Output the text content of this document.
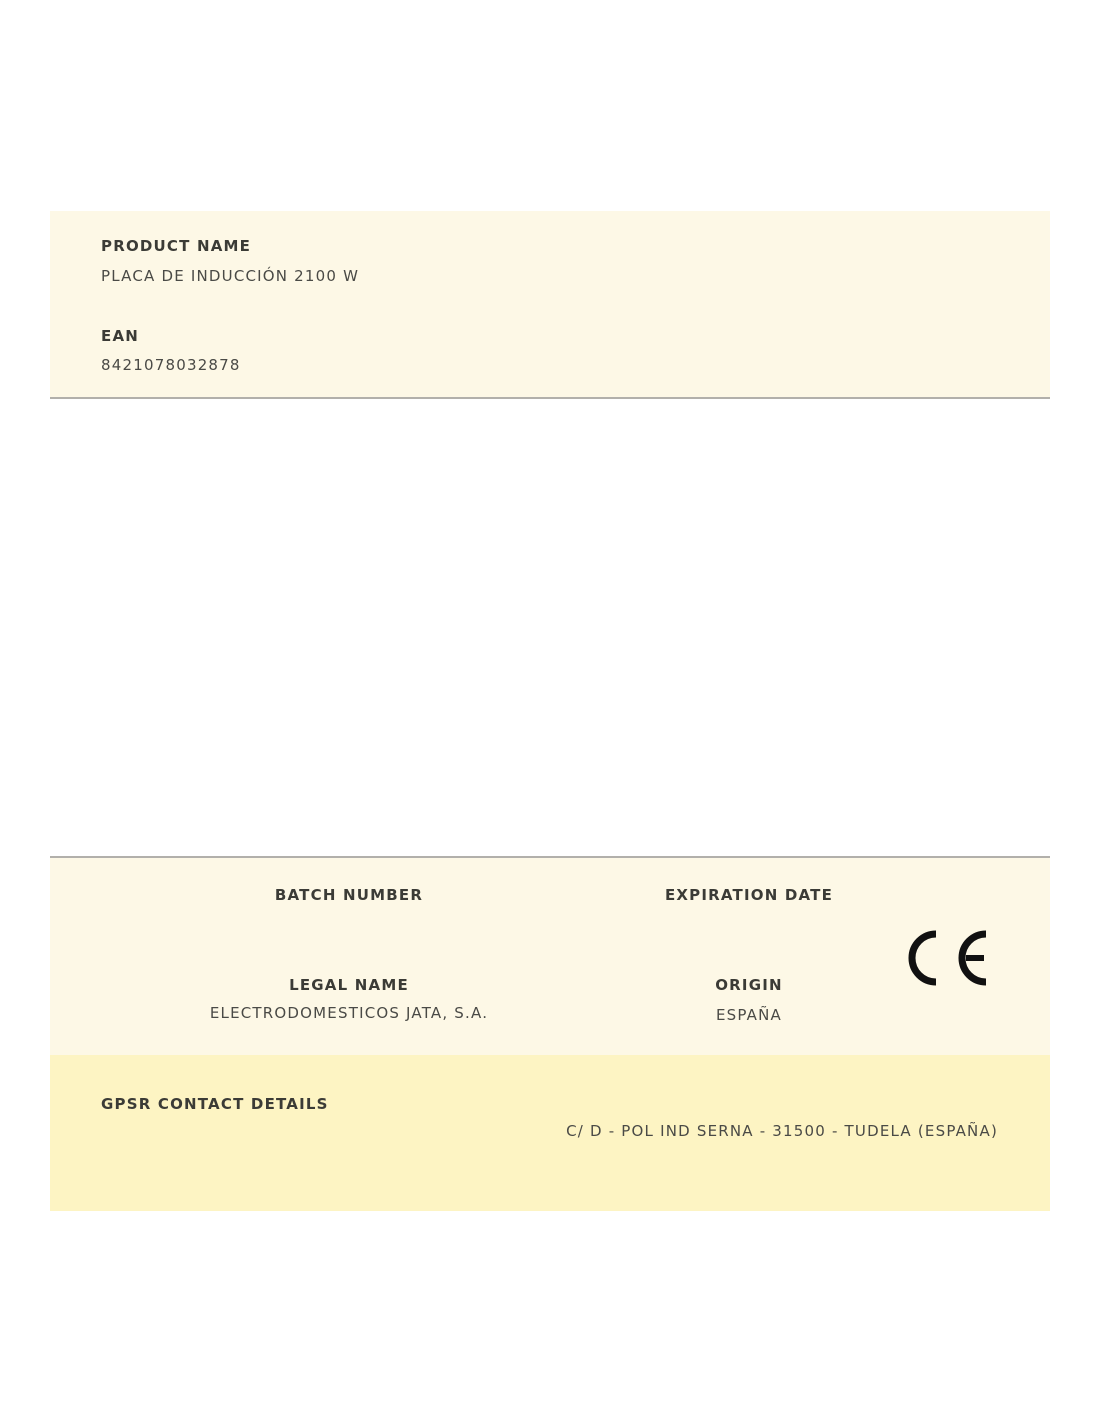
PRODUCT NAME
PLACA DE INDUCCIÓN 2100 W
EAN
8421078032878
BATCH NUMBER	EXPIRATION DATE
LEGAL NAME
ELECTRODOMESTICOS JATA, S.A.
ORIGIN
ESPAÑA
GPSR CONTACT DETAILS
C/ D - POL IND SERNA - 31500 - TUDELA (ESPAÑA)
